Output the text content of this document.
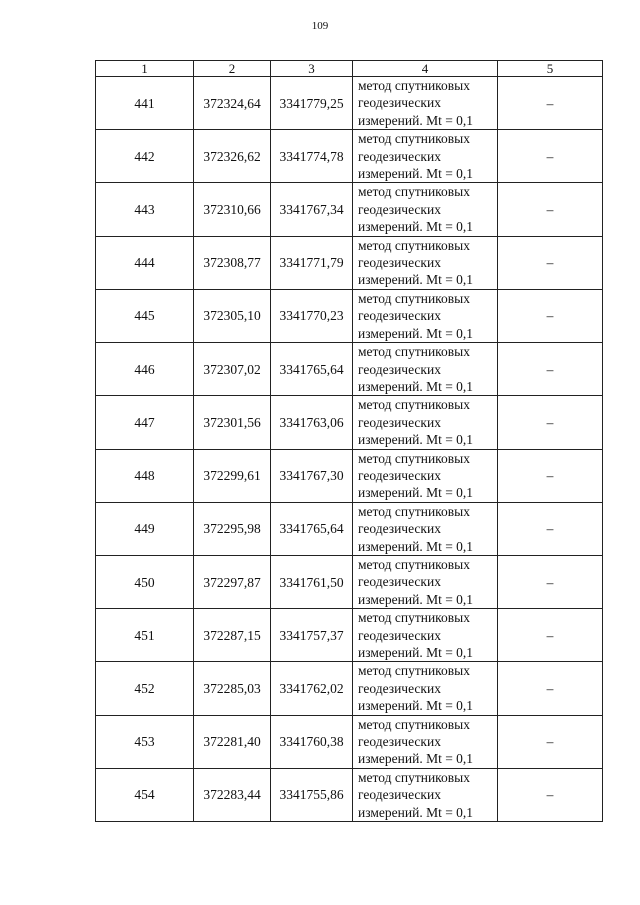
109
1	2	3	4	5
441	372324,64	3341779,25	метод спутниковых
геодезических
измерений. Mt = 0,1	–
442	372326,62	3341774,78	метод спутниковых
геодезических
измерений. Mt = 0,1	–
443	372310,66	3341767,34	метод спутниковых
геодезических
измерений. Mt = 0,1	–
444	372308,77	3341771,79	метод спутниковых
геодезических
измерений. Mt = 0,1	–
445	372305,10	3341770,23	метод спутниковых
геодезических
измерений. Mt = 0,1	–
446	372307,02	3341765,64	метод спутниковых
геодезических
измерений. Mt = 0,1	–
447	372301,56	3341763,06	метод спутниковых
геодезических
измерений. Mt = 0,1	–
448	372299,61	3341767,30	метод спутниковых
геодезических
измерений. Mt = 0,1	–
449	372295,98	3341765,64	метод спутниковых
геодезических
измерений. Mt = 0,1	–
450	372297,87	3341761,50	метод спутниковых
геодезических
измерений. Mt = 0,1	–
451	372287,15	3341757,37	метод спутниковых
геодезических
измерений. Mt = 0,1	–
452	372285,03	3341762,02	метод спутниковых
геодезических
измерений. Mt = 0,1	–
453	372281,40	3341760,38	метод спутниковых
геодезических
измерений. Mt = 0,1	–
454	372283,44	3341755,86	метод спутниковых
геодезических
измерений. Mt = 0,1	–
